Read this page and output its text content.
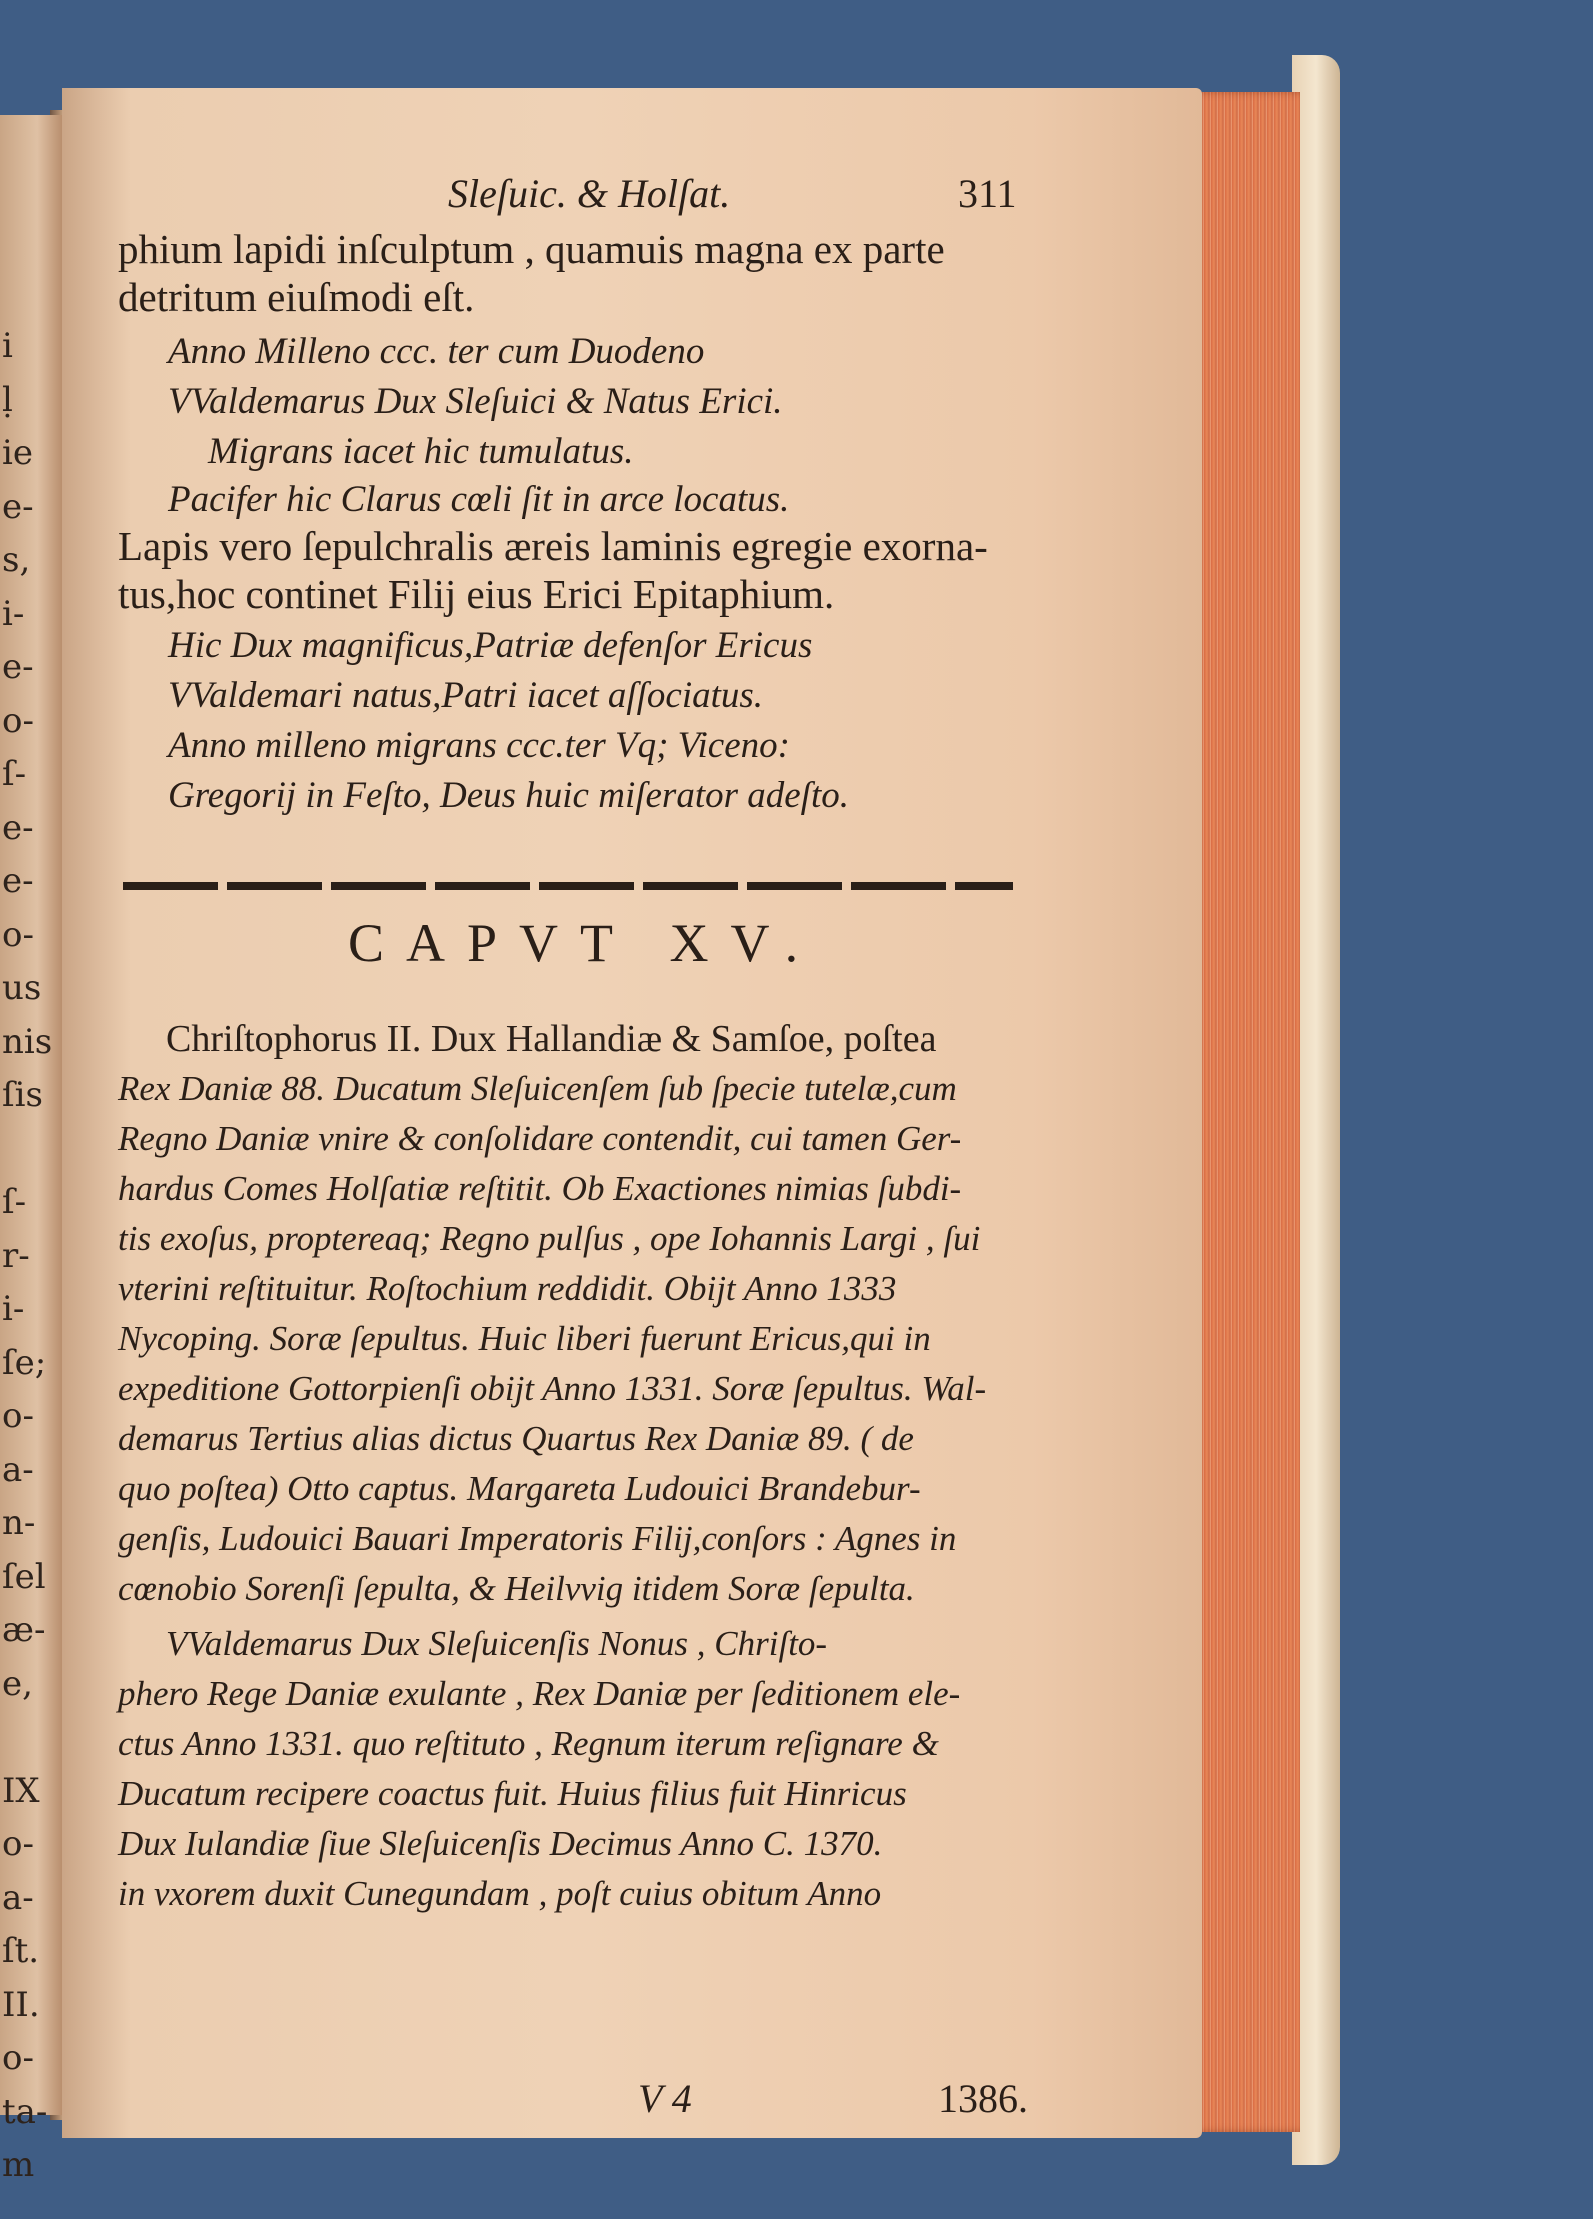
i
ḷ
ie
e-
s,
i-
e-
o-
ſ-
e-
e-
o-
us
nis
ſis

ſ-
r-
i-
ſe;
o-
a-
n-
ſel
æ-
e,

IX
o-
a-
ſt.
II.
o-
ta-
m
Sleſuic. & Holſat.	311
phium lapidi inſculptum , quamuis magna ex parte
detritum eiuſmodi eſt.
Anno Milleno ccc. ter cum Duodeno
VValdemarus Dux Sleſuici & Natus Erici.
Migrans iacet hic tumulatus.
Pacifer hic Clarus cœli ſit in arce locatus.
Lapis vero ſepulchralis æreis laminis egregie exorna-
tus,hoc continet Filij eius Erici Epitaphium.
Hic Dux magnificus,Patriæ defenſor Ericus
VValdemari natus,Patri iacet aſſociatus.
Anno milleno migrans ccc.ter Vq; Viceno:
Gregorij in Feſto, Deus huic miſerator adeſto.
CAPVT XV.
Chriſtophorus II. Dux Hallandiæ & Samſoe, poſtea
Rex Daniæ 88. Ducatum Sleſuicenſem ſub ſpecie tutelæ,cum
Regno Daniæ vnire & conſolidare contendit, cui tamen Ger-
hardus Comes Holſatiæ reſtitit. Ob Exactiones nimias ſubdi-
tis exoſus, proptereaq; Regno pulſus , ope Iohannis Largi , ſui
vterini reſtituitur. Roſtochium reddidit. Obijt Anno 1333
Nycoping. Soræ ſepultus. Huic liberi fuerunt Ericus,qui in
expeditione Gottorpienſi obijt Anno 1331. Soræ ſepultus. Wal-
demarus Tertius alias dictus Quartus Rex Daniæ 89. ( de
quo poſtea) Otto captus. Margareta Ludouici Brandebur-
genſis, Ludouici Bauari Imperatoris Filij,conſors : Agnes in
cœnobio Sorenſi ſepulta, & Heilvvig itidem Soræ ſepulta.
VValdemarus Dux Sleſuicenſis Nonus , Chriſto-
phero Rege Daniæ exulante , Rex Daniæ per ſeditionem ele-
ctus Anno 1331. quo reſtituto , Regnum iterum reſignare &
Ducatum recipere coactus fuit. Huius filius fuit Hinricus
Dux Iulandiæ ſiue Sleſuicenſis Decimus Anno C. 1370.
in vxorem duxit Cunegundam , poſt cuius obitum Anno
V 4	1386.
